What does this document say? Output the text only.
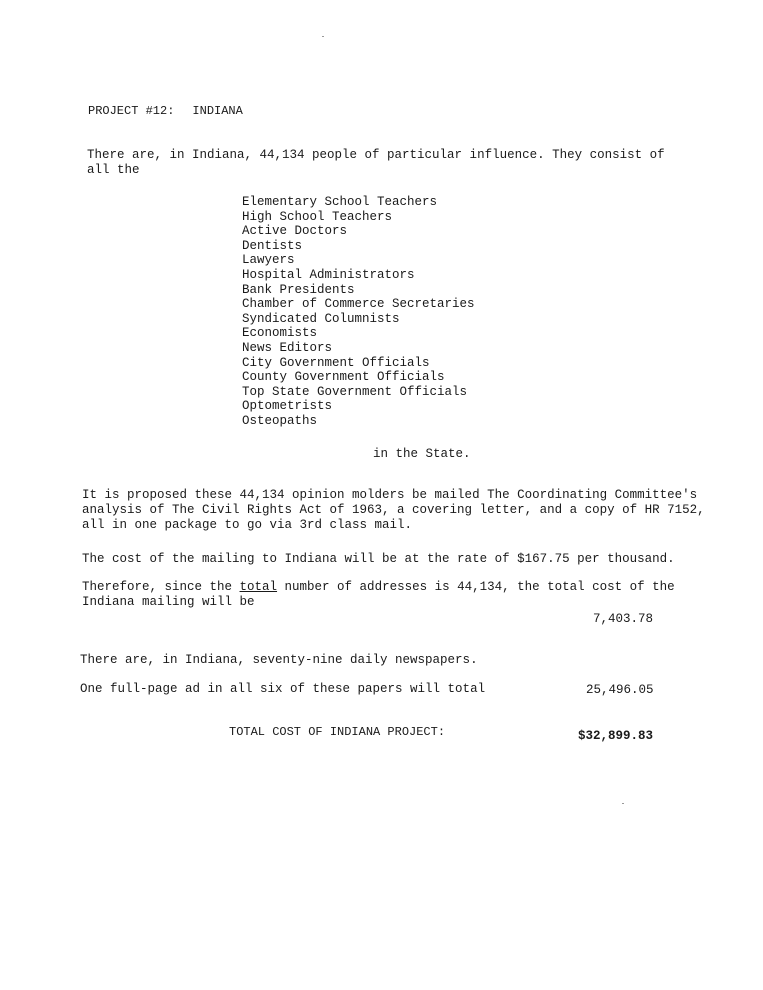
PROJECT #12: INDIANA
There are, in Indiana, 44,134 people of particular influence. They consist of all the
Elementary School Teachers
High School Teachers
Active Doctors
Dentists
Lawyers
Hospital Administrators
Bank Presidents
Chamber of Commerce Secretaries
Syndicated Columnists
Economists
News Editors
City Government Officials
County Government Officials
Top State Government Officials
Optometrists
Osteopaths
in the State.
It is proposed these 44,134 opinion molders be mailed The Coordinating Committee's analysis of The Civil Rights Act of 1963, a covering letter, and a copy of HR 7152, all in one package to go via 3rd class mail.
The cost of the mailing to Indiana will be at the rate of $167.75 per thousand.
Therefore, since the total number of addresses is 44,134, the total cost of the Indiana mailing will be
7,403.78
There are, in Indiana, seventy-nine daily newspapers.
One full-page ad in all six of these papers will total	25,496.05
TOTAL COST OF INDIANA PROJECT:	$32,899.83
